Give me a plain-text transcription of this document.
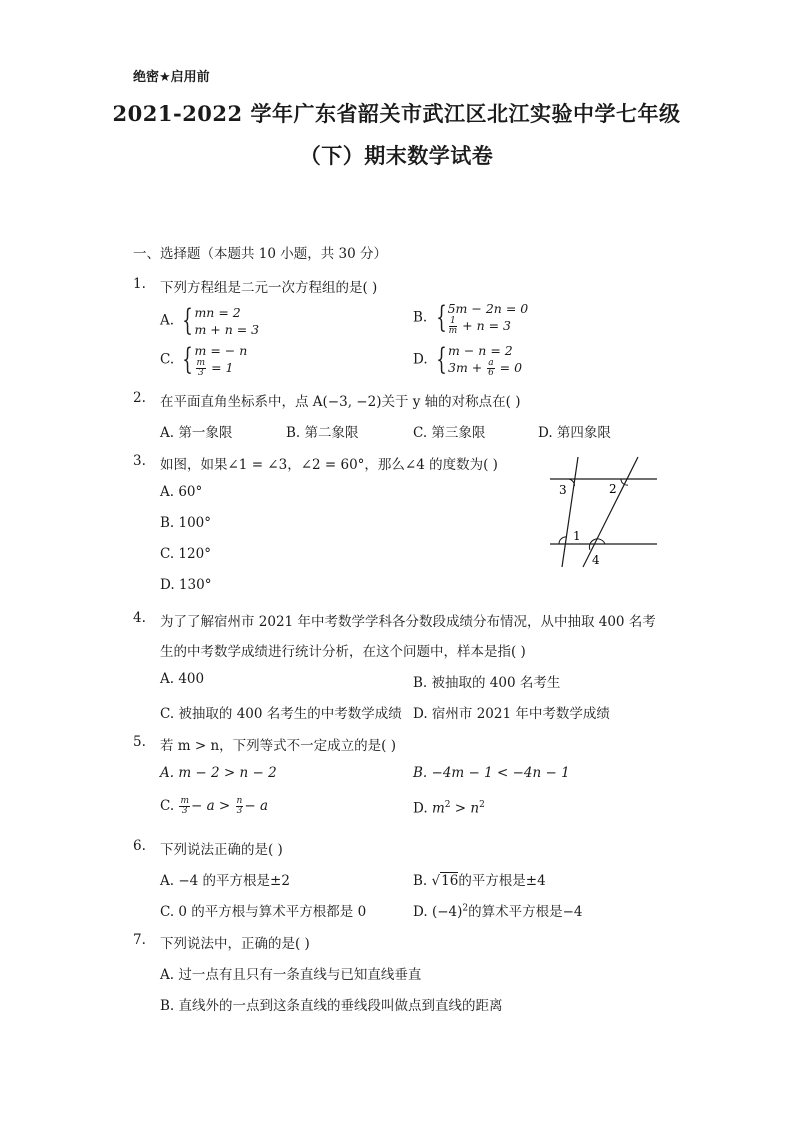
绝密★启用前
2021-2022 学年广东省韶关市武江区北江实验中学七年级
（下）期末数学试卷
一、选择题（本题共 10 小题，共 30 分）
1. 下列方程组是二元一次方程组的是( )
A. { mn = 2
m + n = 3
B. { 5m − 2n = 0
$\frac{1}{m} + n = 3$
C. { m = − n
$\frac{m}{3} = 1$	D. { m − n = 2
$3m + \frac{a}{6} = 0$
2. 在平面直角坐标系中，点 A(−3, −2)关于 y 轴的对称点在( )
A. 第一象限	B. 第二象限	C. 第三象限	D. 第四象限
3. 如图，如果∠1 = ∠3，∠2 = 60°，那么∠4 的度数为( )
A. 60°
B. 100°
C. 120°
D. 130°
3	2
1
4
4. 为了了解宿州市 2021 年中考数学学科各分数段成绩分布情况，从中抽取 400 名考
生的中考数学成绩进行统计分析，在这个问题中，样本是指( )
A. 400	B. 被抽取的 400 名考生
C. 被抽取的 400 名考生的中考数学成绩 D. 宿州市 2021 年中考数学成绩
5. 若 m > n，下列等式不一定成立的是( )
A. m − 2 > n − 2	B. −4m − 1 < −4n − 1
C. $\frac{m}{3} - a > \frac{n}{3} - a$	D. $m^2 > n^2$
6. 下列说法正确的是( )
A. −4 的平方根是±2	B. √16的平方根是±4
C. 0 的平方根与算术平方根都是 0	D. $(-4)^2$的算术平方根是−4
7. 下列说法中，正确的是( )
A. 过一点有且只有一条直线与已知直线垂直
B. 直线外的一点到这条直线的垂线段叫做点到直线的距离
